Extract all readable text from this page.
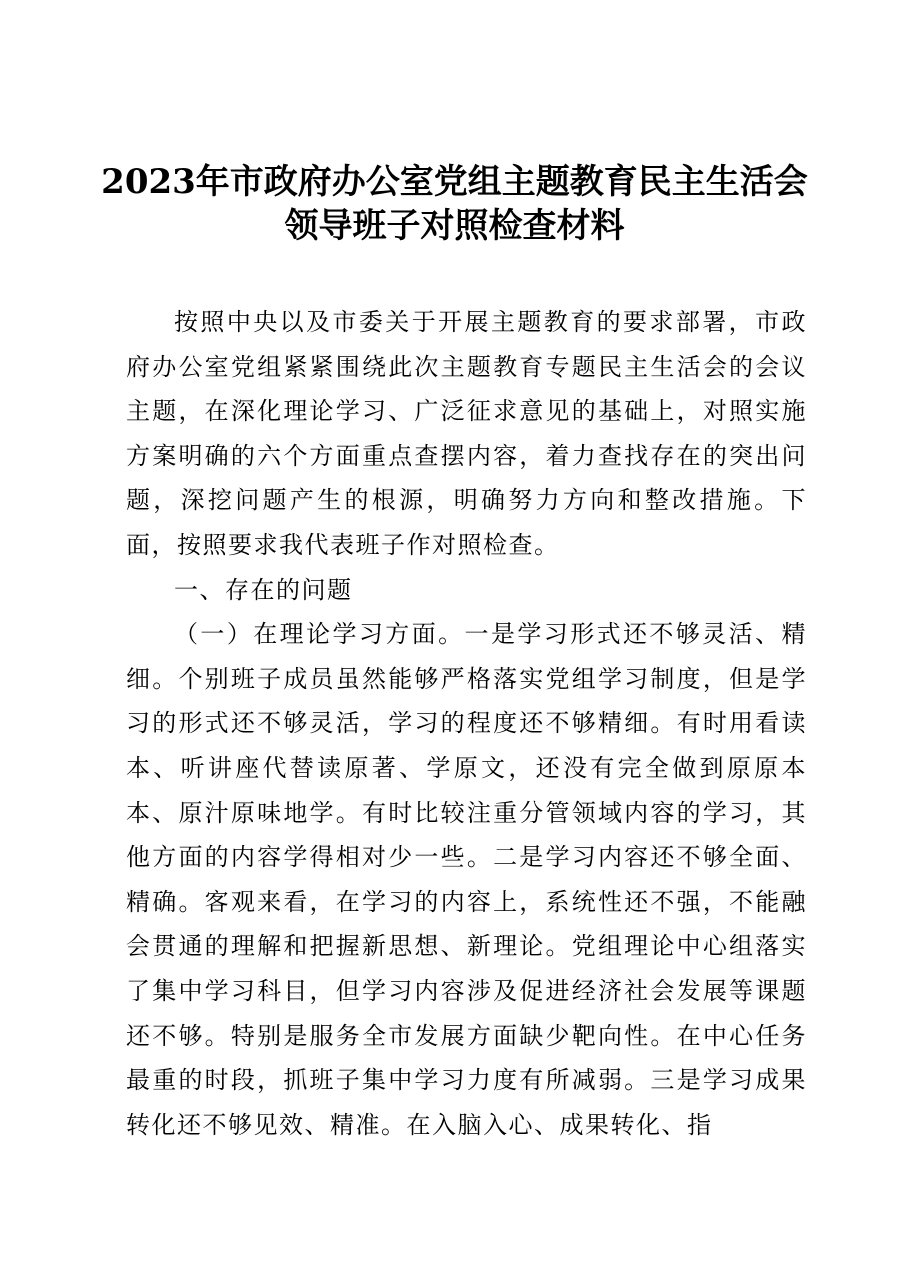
2023年市政府办公室党组主题教育民主生活会领导班子对照检查材料

按照中央以及市委关于开展主题教育的要求部署，市政府办公室党组紧紧围绕此次主题教育专题民主生活会的会议主题，在深化理论学习、广泛征求意见的基础上，对照实施方案明确的六个方面重点查摆内容，着力查找存在的突出问题，深挖问题产生的根源，明确努力方向和整改措施。下面，按照要求我代表班子作对照检查。

一、存在的问题

（一）在理论学习方面。一是学习形式还不够灵活、精细。个别班子成员虽然能够严格落实党组学习制度，但是学习的形式还不够灵活，学习的程度还不够精细。有时用看读本、听讲座代替读原著、学原文，还没有完全做到原原本本、原汁原味地学。有时比较注重分管领域内容的学习，其他方面的内容学得相对少一些。二是学习内容还不够全面、精确。客观来看，在学习的内容上，系统性还不强，不能融会贯通的理解和把握新思想、新理论。党组理论中心组落实了集中学习科目，但学习内容涉及促进经济社会发展等课题还不够。特别是服务全市发展方面缺少靶向性。在中心任务最重的时段，抓班子集中学习力度有所减弱。三是学习成果转化还不够见效、精准。在入脑入心、成果转化、指
